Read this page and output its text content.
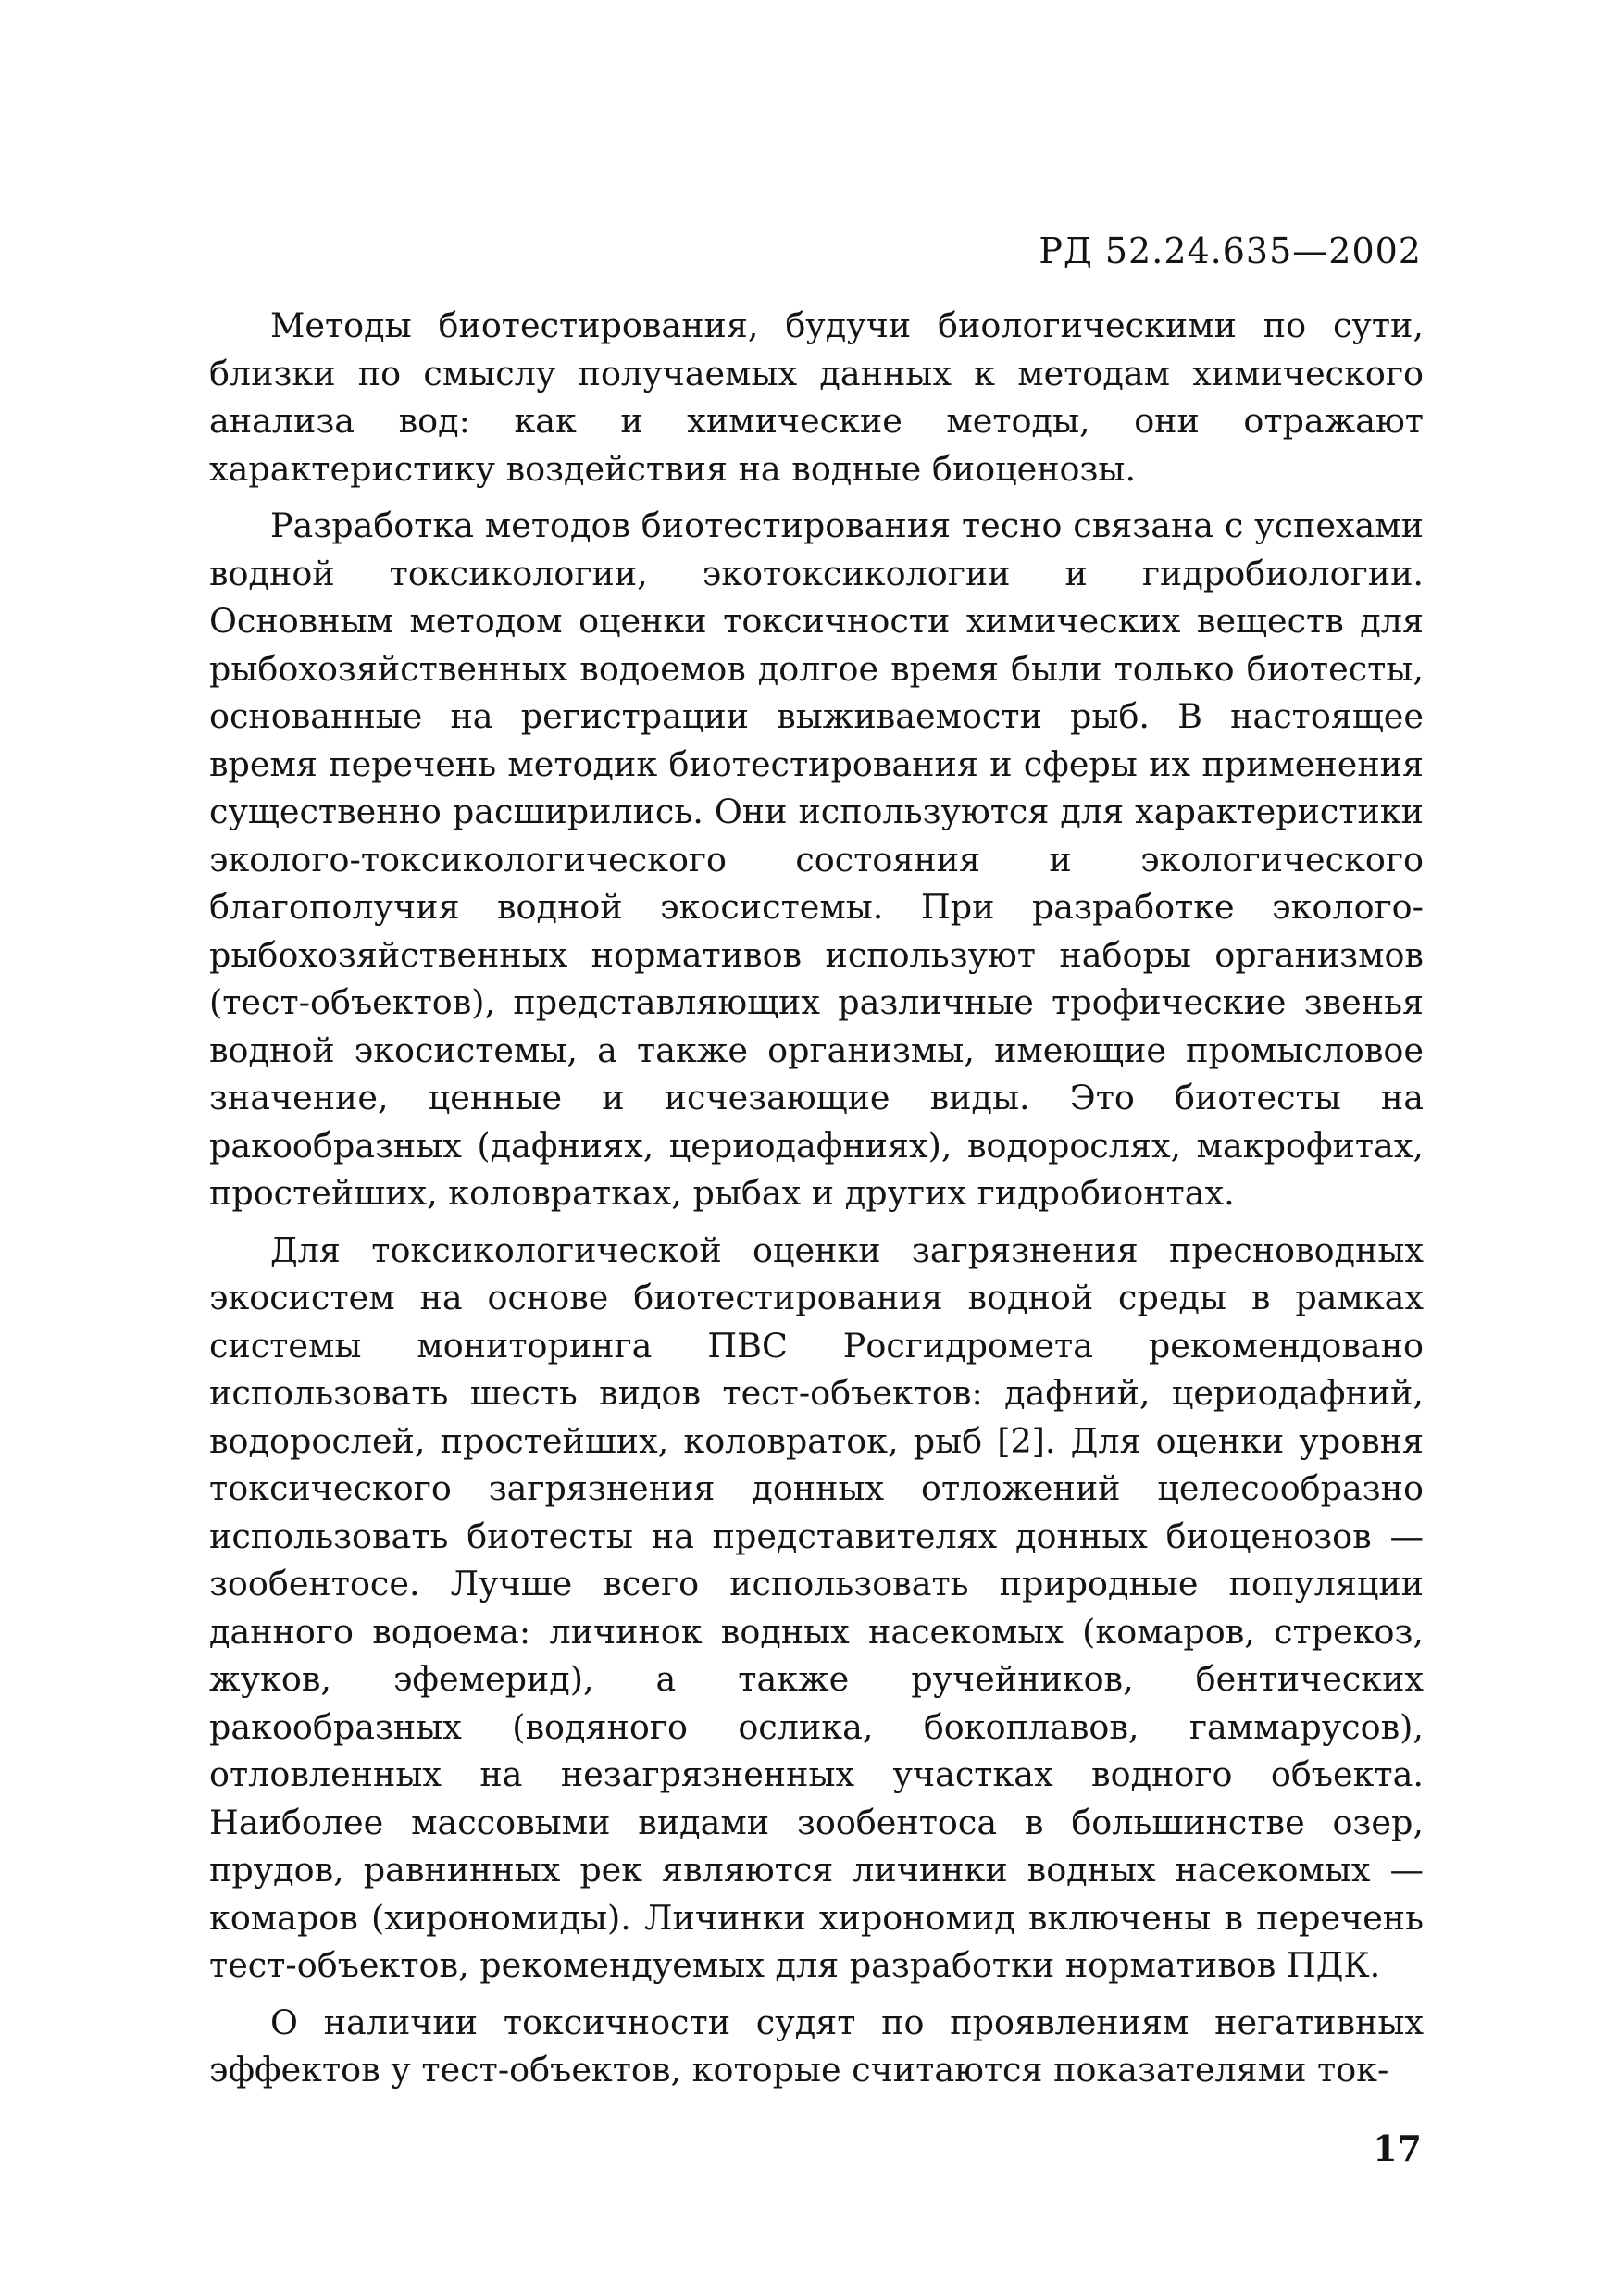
РД 52.24.635—2002

Методы биотестирования, будучи биологическими по сути, близки по смыслу получаемых данных к методам химического анализа вод: как и химические методы, они отражают характеристику воздействия на водные биоценозы.

Разработка методов биотестирования тесно связана с успехами водной токсикологии, экотоксикологии и гидробиологии. Основным методом оценки токсичности химических веществ для рыбохозяйственных водоемов долгое время были только биотесты, основанные на регистрации выживаемости рыб. В настоящее время перечень методик биотестирования и сферы их применения существенно расширились. Они используются для характеристики эколого-токсикологического состояния и экологического благополучия водной экосистемы. При разработке эколого-рыбохозяйственных нормативов используют наборы организмов (тест-объектов), представляющих различные трофические звенья водной экосистемы, а также организмы, имеющие промысловое значение, ценные и исчезающие виды. Это биотесты на ракообразных (дафниях, цериодафниях), водорослях, макрофитах, простейших, коловратках, рыбах и других гидробионтах.

Для токсикологической оценки загрязнения пресноводных экосистем на основе биотестирования водной среды в рамках системы мониторинга ПВС Росгидромета рекомендовано использовать шесть видов тест-объектов: дафний, цериодафний, водорослей, простейших, коловраток, рыб [2]. Для оценки уровня токсического загрязнения донных отложений целесообразно использовать биотесты на представителях донных биоценозов — зообентосе. Лучше всего использовать природные популяции данного водоема: личинок водных насекомых (комаров, стрекоз, жуков, эфемерид), а также ручейников, бентических ракообразных (водяного ослика, бокоплавов, гаммарусов), отловленных на незагрязненных участках водного объекта. Наиболее массовыми видами зообентоса в большинстве озер, прудов, равнинных рек являются личинки водных насекомых — комаров (хирономиды). Личинки хирономид включены в перечень тест-объектов, рекомендуемых для разработки нормативов ПДК.

О наличии токсичности судят по проявлениям негативных эффектов у тест-объектов, которые считаются показателями ток-

17
